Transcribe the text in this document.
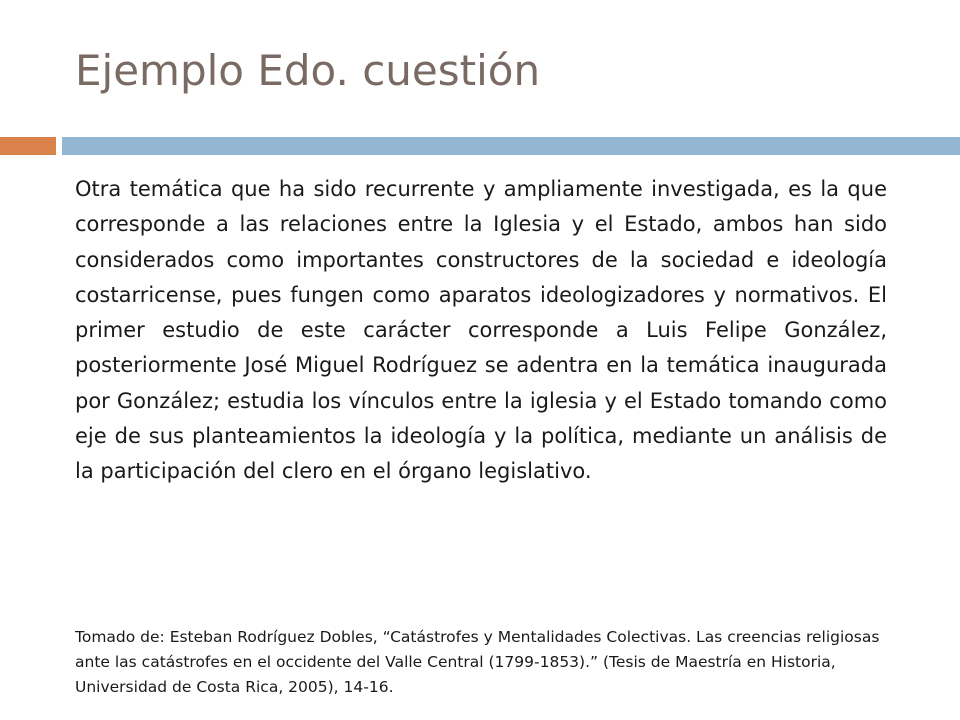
Ejemplo Edo. cuestión

Otra temática que ha sido recurrente y ampliamente investigada, es la que corresponde a las relaciones entre la Iglesia y el Estado, ambos han sido considerados como importantes constructores de la sociedad e ideología costarricense, pues fungen como aparatos ideologizadores y normativos. El primer estudio de este carácter corresponde a Luis Felipe González, posteriormente José Miguel Rodríguez se adentra en la temática inaugurada por González; estudia los vínculos entre la iglesia y el Estado tomando como eje de sus planteamientos la ideología y la política, mediante un análisis de la participación del clero en el órgano legislativo.

Tomado de: Esteban Rodríguez Dobles, “Catástrofes y Mentalidades Colectivas. Las creencias religiosas ante las catástrofes en el occidente del Valle Central (1799-1853).” (Tesis de Maestría en Historia, Universidad de Costa Rica, 2005), 14-16.
